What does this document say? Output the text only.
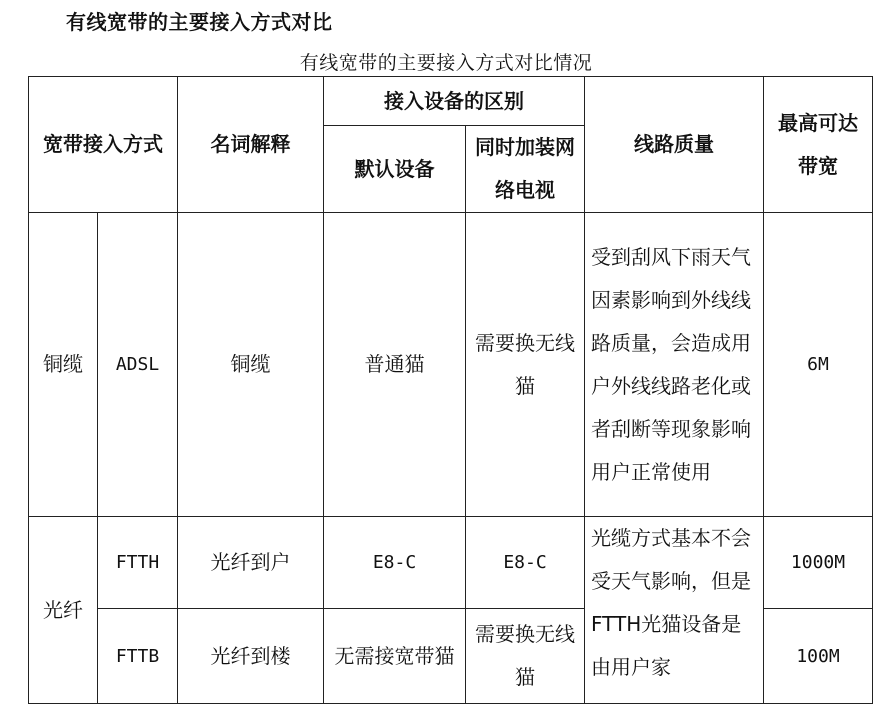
有线宽带的主要接入方式对比
有线宽带的主要接入方式对比情况
宽带接入方式		名词解释	接入设备的区别		线路质量	最高可达带宽

			默认设备	同时加装网络电视		

铜缆	ADSL	铜缆	普通猫	需要换无线猫	受到刮风下雨天气因素影响到外线线路质量，会造成用户外线线路老化或者刮断等现象影响用户正常使用	6M

光纤	FTTH	光纤到户	E8-C	E8-C	光缆方式基本不会受天气影响，但是FTTH光猫设备是由用户家	1000M

	FTTB	光纤到楼	无需接宽带猫	需要换无线猫		100M
